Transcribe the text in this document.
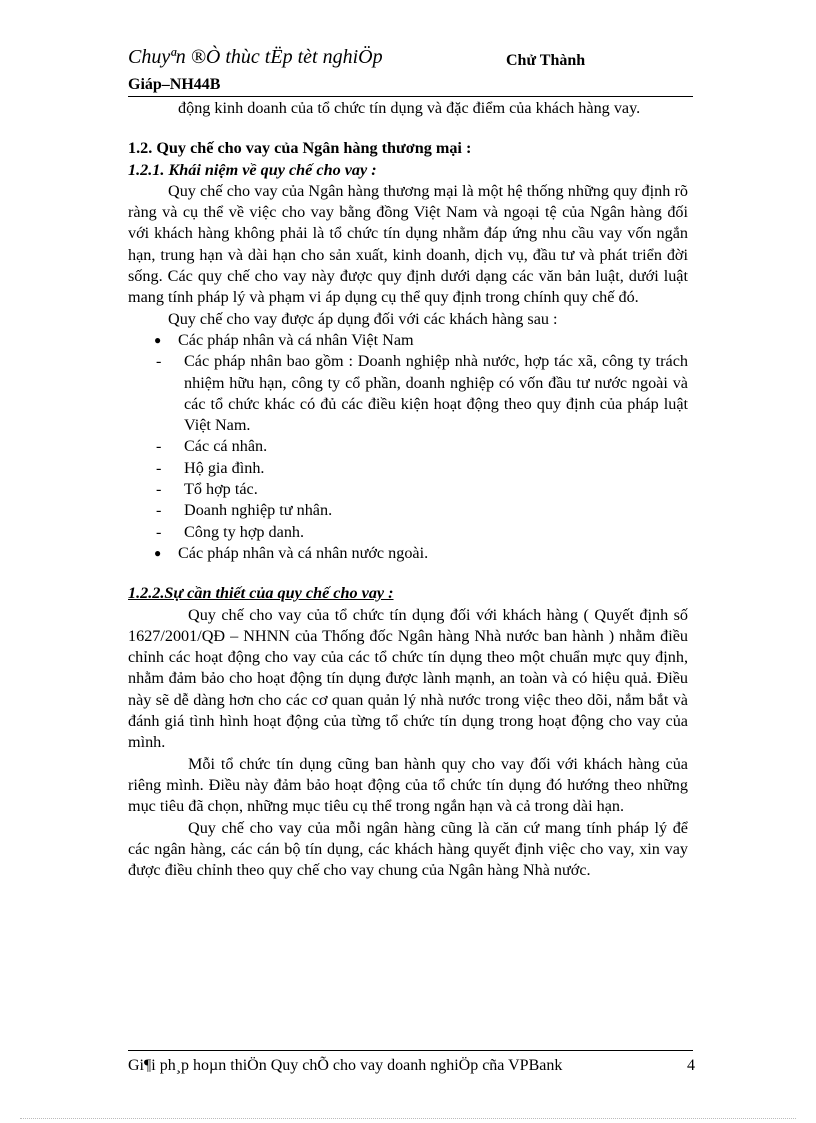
Chuyªn ®Ò thùc tËp tèt nghiÖp	Chử Thành
Giáp–NH44B

động kinh doanh của tổ chức tín dụng và đặc điểm của khách hàng vay.

1.2. Quy chế cho vay của Ngân hàng thương mại :

1.2.1. Khái niệm về quy chế cho vay :

Quy chế cho vay của Ngân hàng thương mại là một hệ thống những quy định rõ ràng và cụ thể về việc cho vay bằng đồng Việt Nam và ngoại tệ của Ngân hàng đối với khách hàng không phải là tổ chức tín dụng nhằm đáp ứng nhu cầu vay vốn ngắn hạn, trung hạn và dài hạn cho sản xuất, kinh doanh, dịch vụ, đầu tư và phát triển đời sống. Các quy chế cho vay này được quy định dưới dạng các văn bản luật, dưới luật mang tính pháp lý và phạm vi áp dụng cụ thể quy định trong chính quy chế đó.

Quy chế cho vay được áp dụng đối với các khách hàng sau :

● Các pháp nhân và cá nhân Việt Nam
- Các pháp nhân bao gồm : Doanh nghiệp nhà nước, hợp tác xã, công ty trách nhiệm hữu hạn, công ty cổ phần, doanh nghiệp có vốn đầu tư nước ngoài và các tổ chức khác có đủ các điều kiện hoạt động theo quy định của pháp luật Việt Nam.
- Các cá nhân.
- Hộ gia đình.
- Tổ hợp tác.
- Doanh nghiệp tư nhân.
- Công ty hợp danh.
● Các pháp nhân và cá nhân nước ngoài.

1.2.2.Sự cần thiết của quy chế cho vay :

Quy chế cho vay của tổ chức tín dụng đối với khách hàng ( Quyết định số 1627/2001/QĐ – NHNN của Thống đốc Ngân hàng Nhà nước ban hành ) nhằm điều chỉnh các hoạt động cho vay của các tổ chức tín dụng theo một chuẩn mực quy định, nhằm đảm bảo cho hoạt động tín dụng được lành mạnh, an toàn và có hiệu quả. Điều này sẽ dễ dàng hơn cho các cơ quan quản lý nhà nước trong việc theo dõi, nắm bắt và đánh giá tình hình hoạt động của từng tổ chức tín dụng trong hoạt động cho vay của mình.

Mỗi tổ chức tín dụng cũng ban hành quy cho vay đối với khách hàng của riêng mình. Điều này đảm bảo hoạt động của tổ chức tín dụng đó hướng theo những mục tiêu đã chọn, những mục tiêu cụ thể trong ngắn hạn và cả trong dài hạn.

Quy chế cho vay của mỗi ngân hàng cũng là căn cứ mang tính pháp lý để các ngân hàng, các cán bộ tín dụng, các khách hàng quyết định việc cho vay, xin vay được điều chỉnh theo quy chế cho vay chung của Ngân hàng Nhà nước.

Gi¶i ph¸p hoµn thiÖn Quy chÕ cho vay doanh nghiÖp cña VPBank	4
